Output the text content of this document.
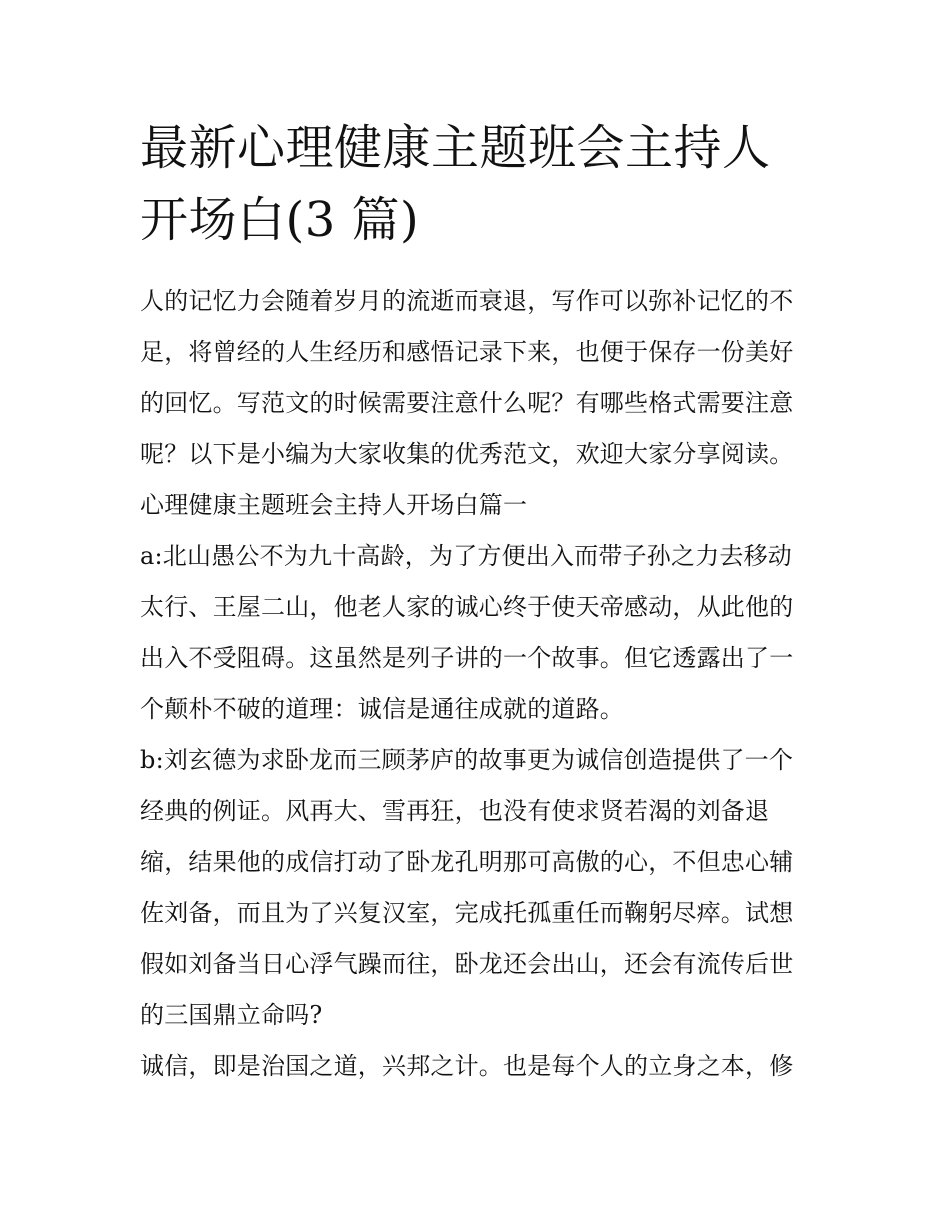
最新心理健康主题班会主持人
开场白(3 篇)
人的记忆力会随着岁月的流逝而衰退，写作可以弥补记忆的不
足，将曾经的人生经历和感悟记录下来，也便于保存一份美好
的回忆。写范文的时候需要注意什么呢？有哪些格式需要注意
呢？以下是小编为大家收集的优秀范文，欢迎大家分享阅读。
心理健康主题班会主持人开场白篇一
a:北山愚公不为九十高龄，为了方便出入而带子孙之力去移动
太行、王屋二山，他老人家的诚心终于使天帝感动，从此他的
出入不受阻碍。这虽然是列子讲的一个故事。但它透露出了一
个颠朴不破的道理：诚信是通往成就的道路。
b:刘玄德为求卧龙而三顾茅庐的故事更为诚信创造提供了一个
经典的例证。风再大、雪再狂，也没有使求贤若渴的刘备退
缩，结果他的成信打动了卧龙孔明那可高傲的心，不但忠心辅
佐刘备，而且为了兴复汉室，完成托孤重任而鞠躬尽瘁。试想
假如刘备当日心浮气躁而往，卧龙还会出山，还会有流传后世
的三国鼎立命吗?
诚信，即是治国之道，兴邦之计。也是每个人的立身之本，修
